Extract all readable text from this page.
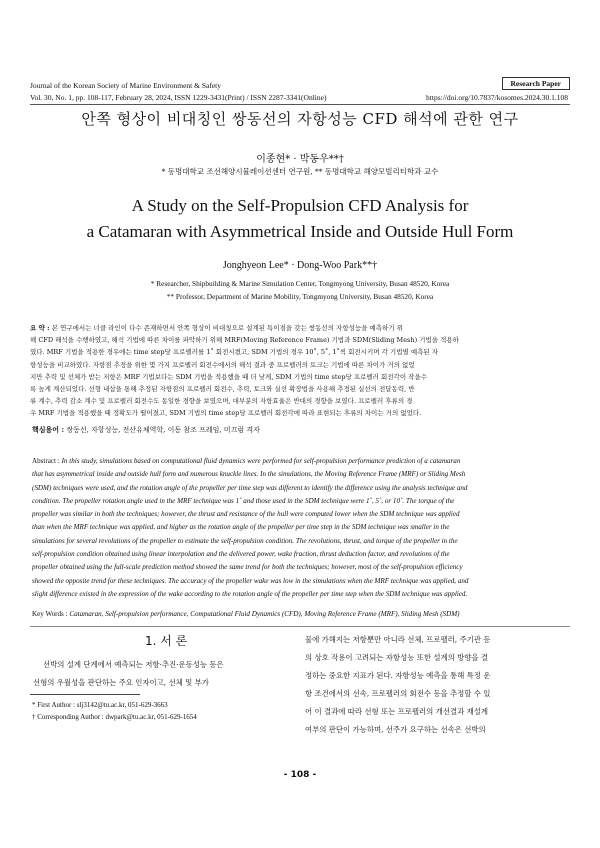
Journal of the Korean Society of Marine Environment & Safety	Research Paper
Vol. 30, No. 1, pp. 108-117, February 28, 2024, ISSN 1229-3431(Print) / ISSN 2287-3341(Online)	https://doi.org/10.7837/kosomes.2024.30.1.108
안쪽 형상이 비대칭인 쌍동선의 자항성능 CFD 해석에 관한 연구
이종현* · 박동우**†
* 동명대학교 조선해양시뮬레이션센터 연구원, ** 동명대학교 해양모빌리티학과 교수
A Study on the Self-Propulsion CFD Analysis for
a Catamaran with Asymmetrical Inside and Outside Hull Form
Jonghyeon Lee* · Dong-Woo Park**†
* Researcher, Shipbuilding & Marine Simulation Center, Tongmyong University, Busan 48520, Korea
** Professor, Department of Marine Mobility, Tongmyong University, Busan 48520, Korea
요 약 : 본 연구에서는 너클 라인이 다수 존재하면서 안쪽 형상이 비대칭으로 설계된 특이점을 갖는 쌍동선의 자항성능을 예측하기 위
해 CFD 해석을 수행하였고, 해석 기법에 따른 차이를 파악하기 위해 MRF(Moving Reference Frame) 기법과 SDM(Sliding Mesh) 기법을 적용하
였다. MRF 기법을 적용한 경우에는 time step당 프로펠러를 1˚ 회전시켰고, SDM 기법의 경우 10˚, 5˚, 1˚씩 회전시키며 각 기법별 예측된 자
항성능을 비교하였다. 자항점 추정을 위한 몇 가지 프로펠러 회전수에서의 해석 결과 중 프로펠러의 토크는 기법에 따른 차이가 거의 없었
지만 추력 및 선체가 받는 저항은 MRF 기법보다는 SDM 기법을 적용했을 때 더 낮게, SDM 기법의 time step당 프로펠러 회전각이 작을수
록 높게 계산되었다. 선형 내삽을 통해 추정된 자항점의 프로펠러 회전수, 추력, 토크와 실선 확장법을 사용해 추정된 실선의 전달동력, 반
류 계수, 추력 감소 계수 및 프로펠러 회전수도 동일한 경향을 보였으며, 대부분의 자항효율은 반대의 경향을 보였다. 프로펠러 후류의 경
우 MRF 기법을 적용했을 때 정확도가 떨어졌고, SDM 기법의 time step당 프로펠러 회전각에 따라 표현되는 후류의 차이는 거의 없었다.
핵심용어 : 쌍동선, 자항성능, 전산유체역학, 이동 참조 프레임, 미끄럼 격자
Abstract : In this study, simulations based on computational fluid dynamics were performed for self-propulsion performance prediction of a catamaran
that has asymmetrical inside and outside hull form and numerous knuckle lines. In the simulations, the Moving Reference Frame (MRF) or Sliding Mesh
(SDM) techniques were used, and the rotation angle of the propeller per time step was different to identify the difference using the analysis technique and
condition. The propeller rotation angle used in the MRF technique was 1˚ and those used in the SDM technique were 1˚, 5˚, or 10˚. The torque of the
propeller was similar in both the techniques; however, the thrust and resistance of the hull were computed lower when the SDM technique was applied
than when the MRF technique was applied, and higher as the rotation angle of the propeller per time step in the SDM technique was smaller in the
simulations for several revolutions of the propeller to estimate the self-propulsion condition. The revolutions, thrust, and torque of the propeller in the
self-propulsion condition obtained using linear interpolation and the delivered power, wake fraction, thrust deduction factor, and revolutions of the
propeller obtained using the full-scale prediction method showed the same trend for both the techniques; however, most of the self-propulsion efficiency
showed the opposite trend for these techniques. The accuracy of the propeller wake was low in the simulations when the MRF technique was applied, and
slight difference existed in the expression of the wake according to the rotation angle of the propeller per time step when the SDM technique was applied.
Key Words : Catamaran, Self-propulsion performance, Computational Fluid Dynamics (CFD), Moving Reference Frame (MRF), Sliding Mesh (SDM)
1. 서 론
선박의 설계 단계에서 예측되는 저항·추진·운동성능 등은
선형의 우월성을 판단하는 주요 인자이고, 선체 및 부가
물에 가해지는 저항뿐만 아니라 선체, 프로펠러, 주기관 등
의 상호 작용이 고려되는 자항성능 또한 설계의 방향을 결
정하는 중요한 지표가 된다. 자항성능 예측을 통해 특정 운
항 조건에서의 선속, 프로펠러의 회전수 등을 추정할 수 있
어 이 결과에 따라 선형 또는 프로펠러의 개선결과 재설계
여부의 판단이 가능하며, 선주가 요구하는 선속은 선박의
* First Author : slj3142@tu.ac.kr, 051-629-3663
† Corresponding Author : dwpark@tu.ac.kr, 051-629-1654
- 108 -
